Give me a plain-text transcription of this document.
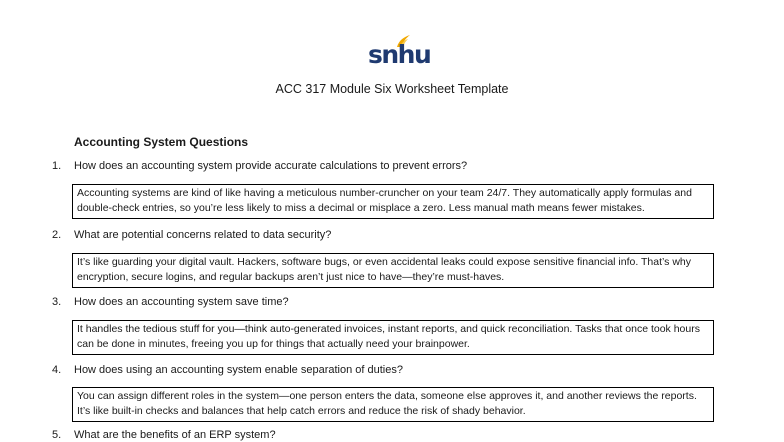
snhu
ACC 317 Module Six Worksheet Template
Accounting System Questions
1. How does an accounting system provide accurate calculations to prevent errors?
Accounting systems are kind of like having a meticulous number-cruncher on your team 24/7. They automatically apply formulas and double-check entries, so you’re less likely to miss a decimal or misplace a zero. Less manual math means fewer mistakes.
2. What are potential concerns related to data security?
It’s like guarding your digital vault. Hackers, software bugs, or even accidental leaks could expose sensitive financial info. That’s why encryption, secure logins, and regular backups aren’t just nice to have—they’re must-haves.
3. How does an accounting system save time?
It handles the tedious stuff for you—think auto-generated invoices, instant reports, and quick reconciliation. Tasks that once took hours can be done in minutes, freeing you up for things that actually need your brainpower.
4. How does using an accounting system enable separation of duties?
You can assign different roles in the system—one person enters the data, someone else approves it, and another reviews the reports. It’s like built-in checks and balances that help catch errors and reduce the risk of shady behavior.
5. What are the benefits of an ERP system?
